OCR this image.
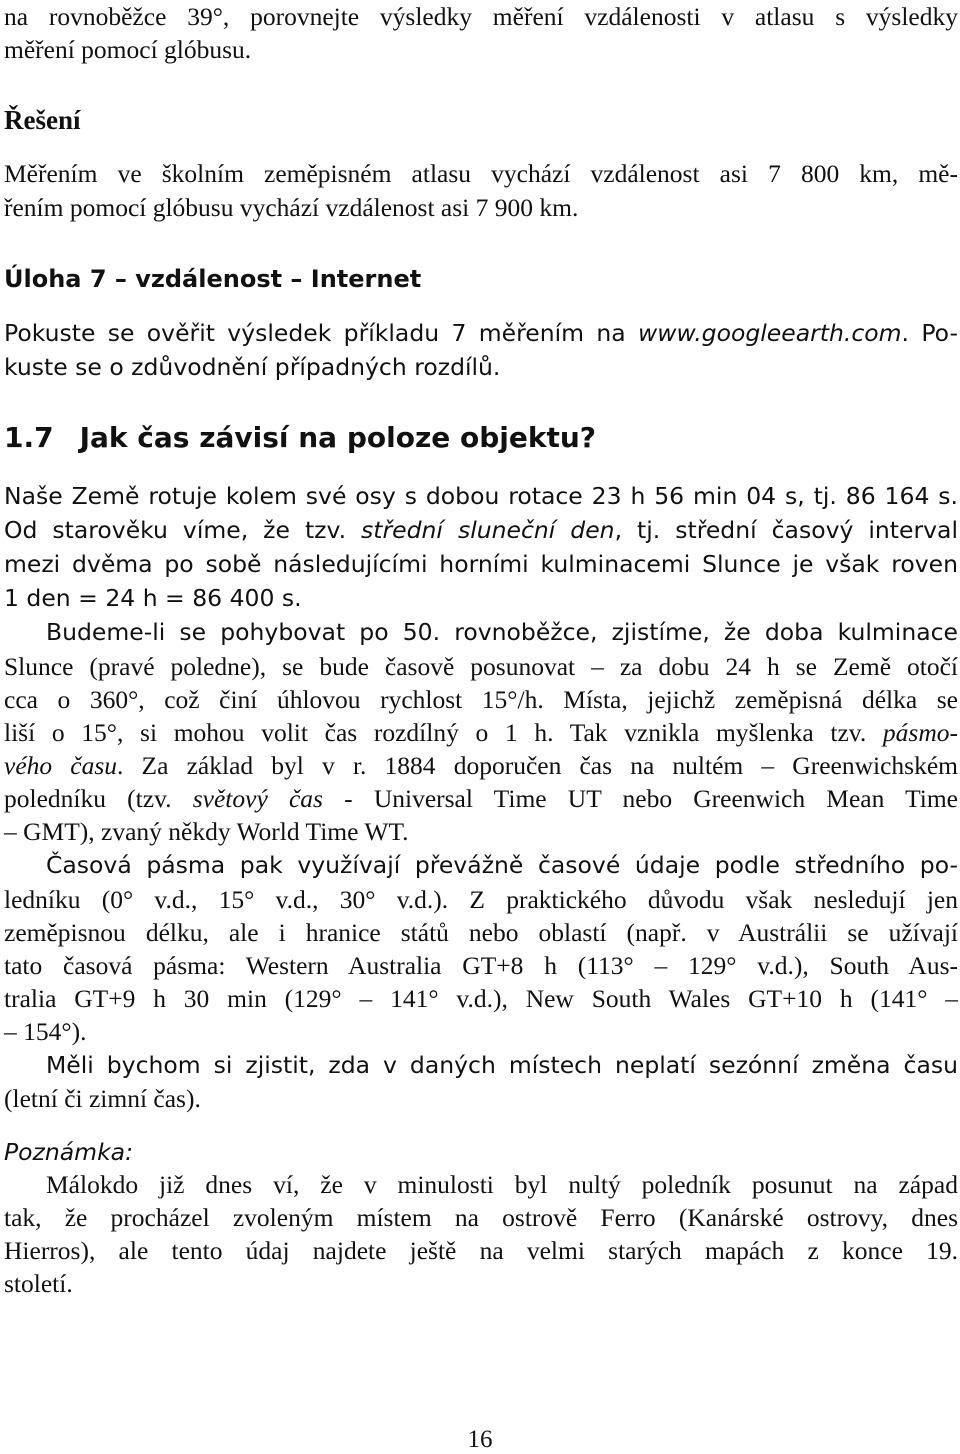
na rovnoběžce 39°, porovnejte výsledky měření vzdálenosti v atlasu s výsledky
měření pomocí glóbusu.
Řešení
Měřením ve školním zeměpisném atlasu vychází vzdálenost asi 7 800 km, mě-
řením pomocí glóbusu vychází vzdálenost asi 7 900 km.
Úloha 7 – vzdálenost – Internet
Pokuste se ověřit výsledek příkladu 7 měřením na www.googleearth.com. Po-
kuste se o zdůvodnění případných rozdílů.
1.7 Jak čas závisí na poloze objektu?
Naše Země rotuje kolem své osy s dobou rotace 23 h 56 min 04 s, tj. 86 164 s.
Od starověku víme, že tzv. střední sluneční den, tj. střední časový interval
mezi dvěma po sobě následujícími horními kulminacemi Slunce je však roven
1 den = 24 h = 86 400 s.
Budeme-li se pohybovat po 50. rovnoběžce, zjistíme, že doba kulminace
Slunce (pravé poledne), se bude časově posunovat – za dobu 24 h se Země otočí
cca o 360°, což činí úhlovou rychlost 15°/h. Místa, jejichž zeměpisná délka se
liší o 15°, si mohou volit čas rozdílný o 1 h. Tak vznikla myšlenka tzv. pásmo-
vého času. Za základ byl v r. 1884 doporučen čas na nultém – Greenwichském
poledníku (tzv. světový čas - Universal Time UT nebo Greenwich Mean Time
– GMT), zvaný někdy World Time WT.
Časová pásma pak využívají převážně časové údaje podle středního po-
ledníku (0° v.d., 15° v.d., 30° v.d.). Z praktického důvodu však nesledují jen
zeměpisnou délku, ale i hranice států nebo oblastí (např. v Austrálii se užívají
tato časová pásma: Western Australia GT+8 h (113° – 129° v.d.), South Aus-
tralia GT+9 h 30 min (129° – 141° v.d.), New South Wales GT+10 h (141° –
– 154°).
Měli bychom si zjistit, zda v daných místech neplatí sezónní změna času
(letní či zimní čas).
Poznámka:
Málokdo již dnes ví, že v minulosti byl nultý poledník posunut na západ
tak, že procházel zvoleným místem na ostrově Ferro (Kanárské ostrovy, dnes
Hierros), ale tento údaj najdete ještě na velmi starých mapách z konce 19.
století.
16
